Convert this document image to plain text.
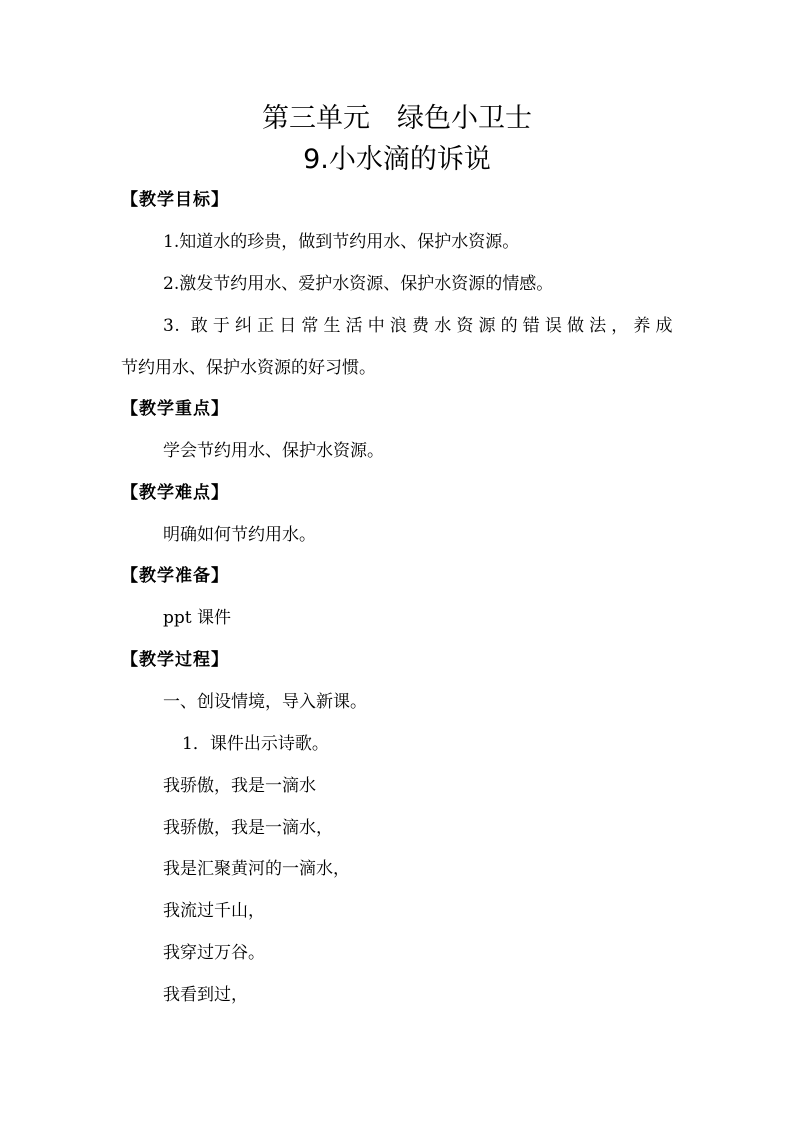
第三单元　绿色小卫士
9.小水滴的诉说
【教学目标】
1.知道水的珍贵，做到节约用水、保护水资源。
2.激发节约用水、爱护水资源、保护水资源的情感。
3. 敢于纠正日常生活中浪费水资源的错误做法，养成
节约用水、保护水资源的好习惯。
【教学重点】
学会节约用水、保护水资源。
【教学难点】
明确如何节约用水。
【教学准备】
ppt 课件
【教学过程】
一、创设情境，导入新课。
1．课件出示诗歌。
我骄傲，我是一滴水
我骄傲，我是一滴水，
我是汇聚黄河的一滴水，
我流过千山，
我穿过万谷。
我看到过，
